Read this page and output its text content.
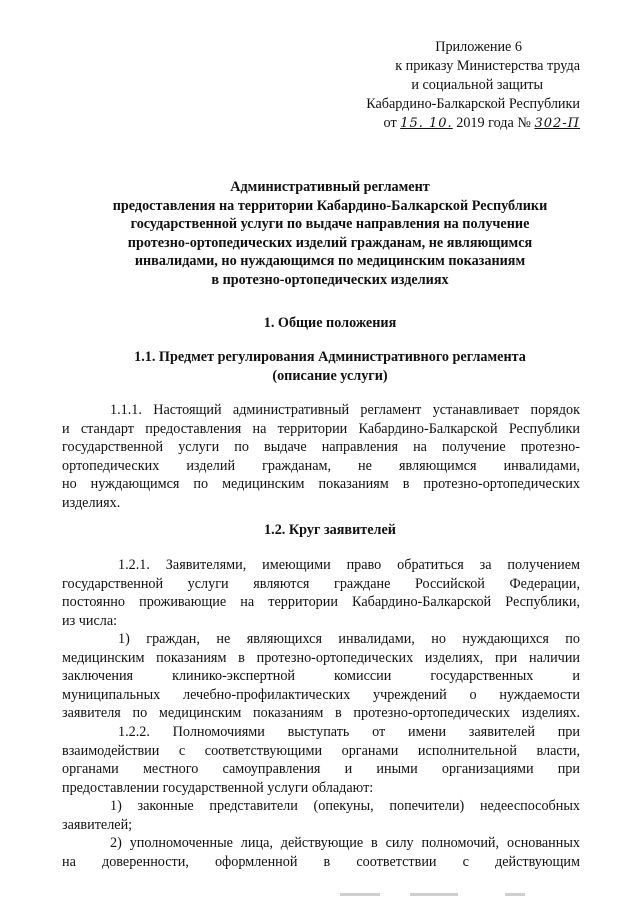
Приложение 6
к приказу Министерства труда
и социальной защиты
Кабардино-Балкарской Республики
от 15. 10. 2019 года № 302-П
Административный регламент
предоставления на территории Кабардино-Балкарской Республики
государственной услуги по выдаче направления на получение
протезно-ортопедических изделий гражданам, не являющимся
инвалидами, но нуждающимся по медицинским показаниям
в протезно-ортопедических изделиях
1. Общие положения
1.1. Предмет регулирования Административного регламента
(описание услуги)
1.1.1. Настоящий административный регламент устанавливает порядок
и стандарт предоставления на территории Кабардино-Балкарской Республики
государственной услуги по выдаче направления на получение протезно-
ортопедических изделий гражданам, не являющимся инвалидами,
но нуждающимся по медицинским показаниям в протезно-ортопедических
изделиях.
1.2. Круг заявителей
1.2.1. Заявителями, имеющими право обратиться за получением
государственной услуги являются граждане Российской Федерации,
постоянно проживающие на территории Кабардино-Балкарской Республики,
из числа:
1) граждан, не являющихся инвалидами, но нуждающихся по
медицинским показаниям в протезно-ортопедических изделиях, при наличии
заключения клинико-экспертной комиссии государственных и
муниципальных лечебно-профилактических учреждений о нуждаемости
заявителя по медицинским показаниям в протезно-ортопедических изделиях.
1.2.2. Полномочиями выступать от имени заявителей при
взаимодействии с соответствующими органами исполнительной власти,
органами местного самоуправления и иными организациями при
предоставлении государственной услуги обладают:
1) законные представители (опекуны, попечители) недееспособных
заявителей;
2) уполномоченные лица, действующие в силу полномочий, основанных
на доверенности, оформленной в соответствии с действующим
